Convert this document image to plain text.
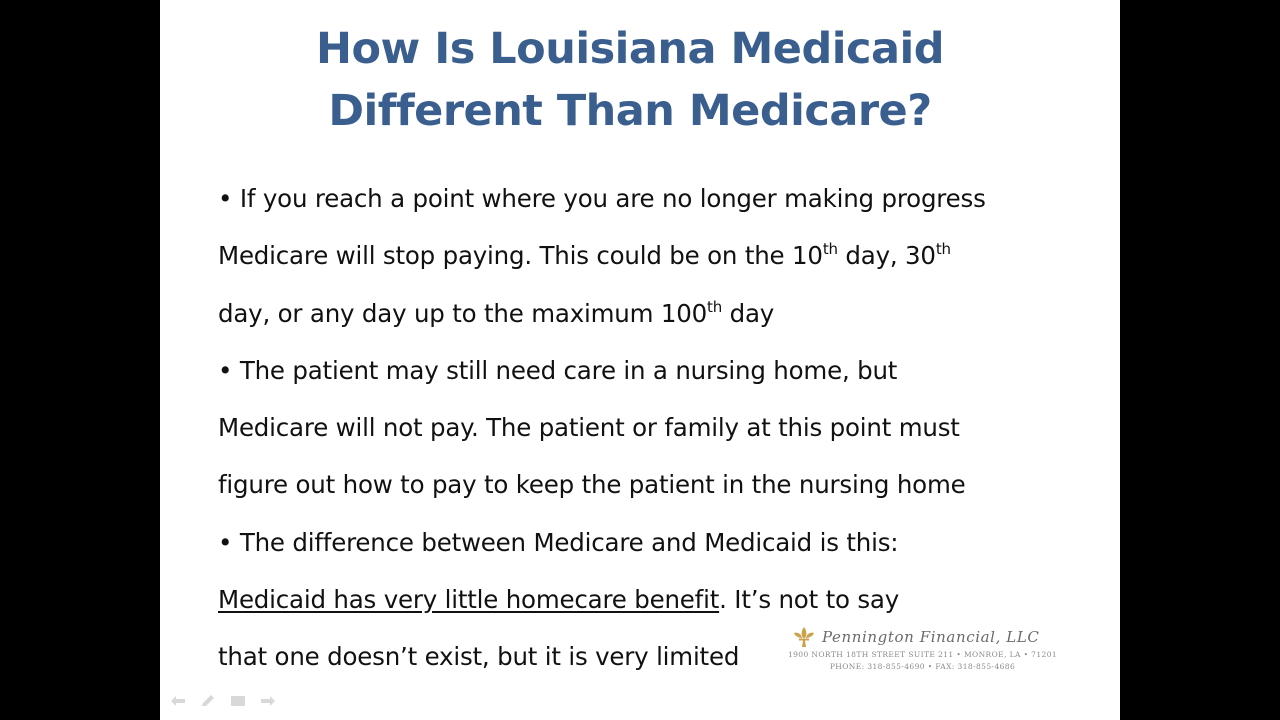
How Is Louisiana Medicaid
Different Than Medicare?
• If you reach a point where you are no longer making progress
Medicare will stop paying. This could be on the 10th day, 30th
day, or any day up to the maximum 100th day
• The patient may still need care in a nursing home, but
Medicare will not pay. The patient or family at this point must
figure out how to pay to keep the patient in the nursing home
• The difference between Medicare and Medicaid is this:
Medicaid has very little homecare benefit. It’s not to say
that one doesn’t exist, but it is very limited
Pennington Financial, LLC
1900 NORTH 18TH STREET SUITE 211 • MONROE, LA • 71201
PHONE: 318-855-4690 • FAX: 318-855-4686
